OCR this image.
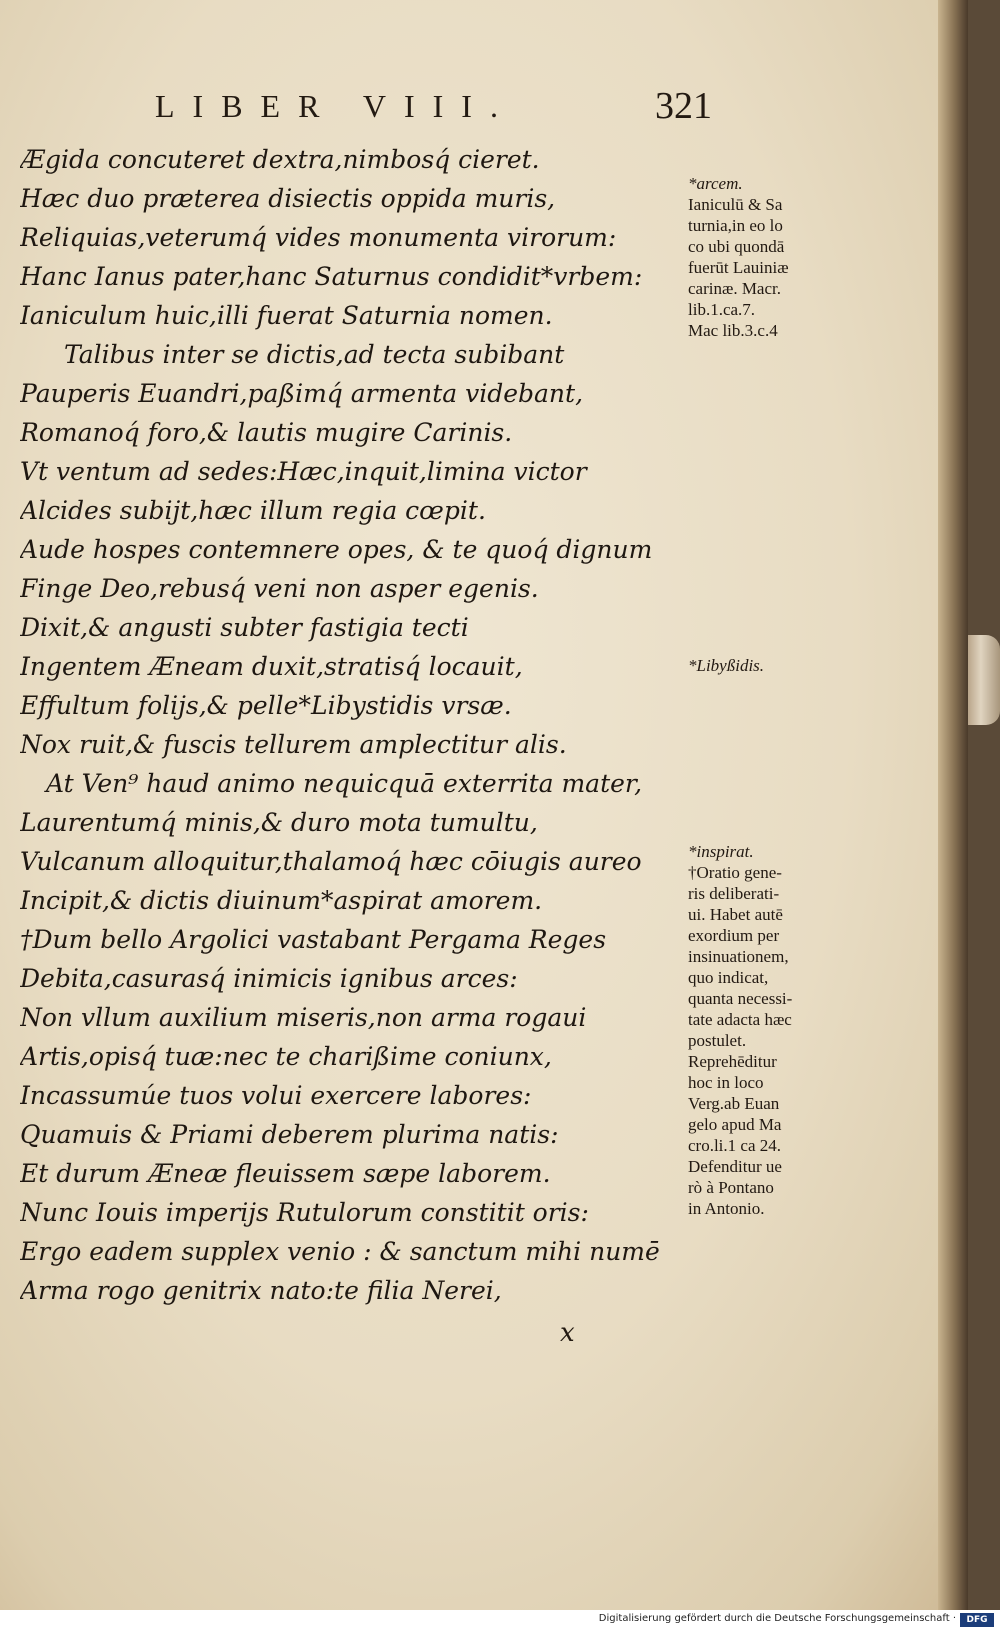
LIBER VIII.	321
Ægida concuteret dextra,nimbosq́ cieret.
Hæc duo præterea disiectis oppida muris,
Reliquias,veterumq́ vides monumenta virorum:
Hanc Ianus pater,hanc Saturnus condidit*vrbem:
Ianiculum huic,illi fuerat Saturnia nomen.
Talibus inter se dictis,ad tecta subibant
Pauperis Euandri,paßimq́ armenta videbant,
Romanoq́ foro,& lautis mugire Carinis.
Vt ventum ad sedes:Hæc,inquit,limina victor
Alcides subijt,hæc illum regia cœpit.
Aude hospes contemnere opes, & te quoq́ dignum
Finge Deo,rebusq́ veni non asper egenis.
Dixit,& angusti subter fastigia tecti
Ingentem Æneam duxit,stratisq́ locauit,
Effultum folijs,& pelle*Libystidis vrsæ.
Nox ruit,& fuscis tellurem amplectitur alis.
At Ven⁹ haud animo nequicquā exterrita mater,
Laurentumq́ minis,& duro mota tumultu,
Vulcanum alloquitur,thalamoq́ hæc cōiugis aureo
Incipit,& dictis diuinum*aspirat amorem.
†Dum bello Argolici vastabant Pergama Reges
Debita,casurasq́ inimicis ignibus arces:
Non vllum auxilium miseris,non arma rogaui
Artis,opisq́ tuæ:nec te charißime coniunx,
Incassumúe tuos volui exercere labores:
Quamuis & Priami deberem plurima natis:
Et durum Æneæ fleuissem sæpe laborem.
Nunc Iouis imperijs Rutulorum constitit oris:
Ergo eadem supplex venio : & sanctum mihi numē
Arma rogo genitrix nato:te filia Nerei,
*arcem.
Ianiculū & Sa
turnia,in eo lo
co ubi quondā
fuerūt Lauiniæ
carinæ. Macr.
lib.1.ca.7.
Mac lib.3.c.4
*Libyßidis.
*inspirat.
†Oratio gene-
ris deliberati-
ui. Habet autē
exordium per
insinuationem,
quo indicat,
quanta necessi-
tate adacta hæc
postulet.
Reprehēditur
hoc in loco
Verg.ab Euan
gelo apud Ma
cro.li.1 ca 24.
Defenditur ue
rò à Pontano
in Antonio.
x
Digitalisierung gefördert durch die Deutsche Forschungsgemeinschaft ·	DFG
